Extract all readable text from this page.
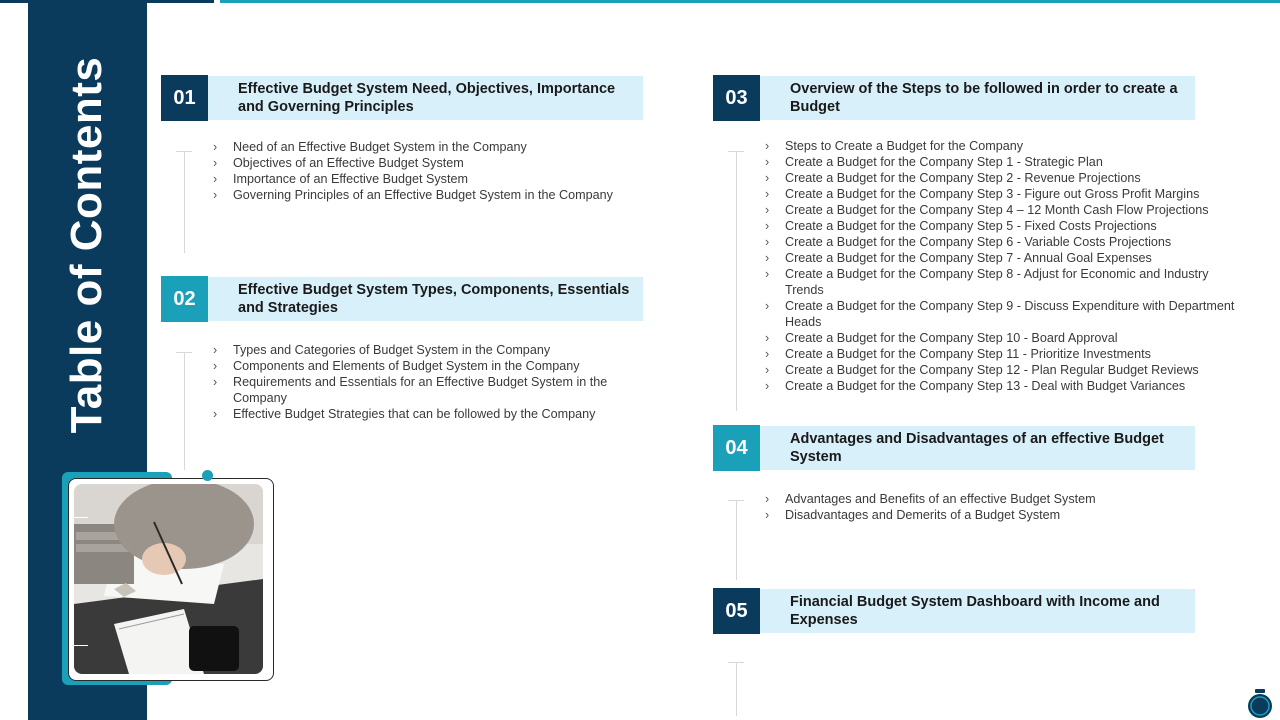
Table of Contents	01	Effective Budget System Need, Objectives, Importance and Governing Principles
› Need of an Effective Budget System in the Company
› Objectives of an Effective Budget System
› Importance of an Effective Budget System
› Governing Principles of an Effective Budget System in the Company
02	Effective Budget System Types, Components, Essentials and Strategies
› Types and Categories of Budget System in the Company
› Components and Elements of Budget System in the Company
› Requirements and Essentials for an Effective Budget System in the Company
› Effective Budget Strategies that can be followed by the Company
03	Overview of the Steps to be followed in order to create a Budget
› Steps to Create a Budget for the Company
› Create a Budget for the Company Step 1 - Strategic Plan
› Create a Budget for the Company Step 2 - Revenue Projections
› Create a Budget for the Company Step 3 - Figure out Gross Profit Margins
› Create a Budget for the Company Step 4 – 12 Month Cash Flow Projections
› Create a Budget for the Company Step 5 - Fixed Costs Projections
› Create a Budget for the Company Step 6 - Variable Costs Projections
› Create a Budget for the Company Step 7 - Annual Goal Expenses
› Create a Budget for the Company Step 8 - Adjust for Economic and Industry Trends
› Create a Budget for the Company Step 9 - Discuss Expenditure with Department Heads
› Create a Budget for the Company Step 10 - Board Approval
› Create a Budget for the Company Step 11 - Prioritize Investments
› Create a Budget for the Company Step 12 - Plan Regular Budget Reviews
› Create a Budget for the Company Step 13 - Deal with Budget Variances
04	Advantages and Disadvantages of an effective Budget System
› Advantages and Benefits of an effective Budget System
› Disadvantages and Demerits of a Budget System
05	Financial Budget System Dashboard with Income and Expenses
